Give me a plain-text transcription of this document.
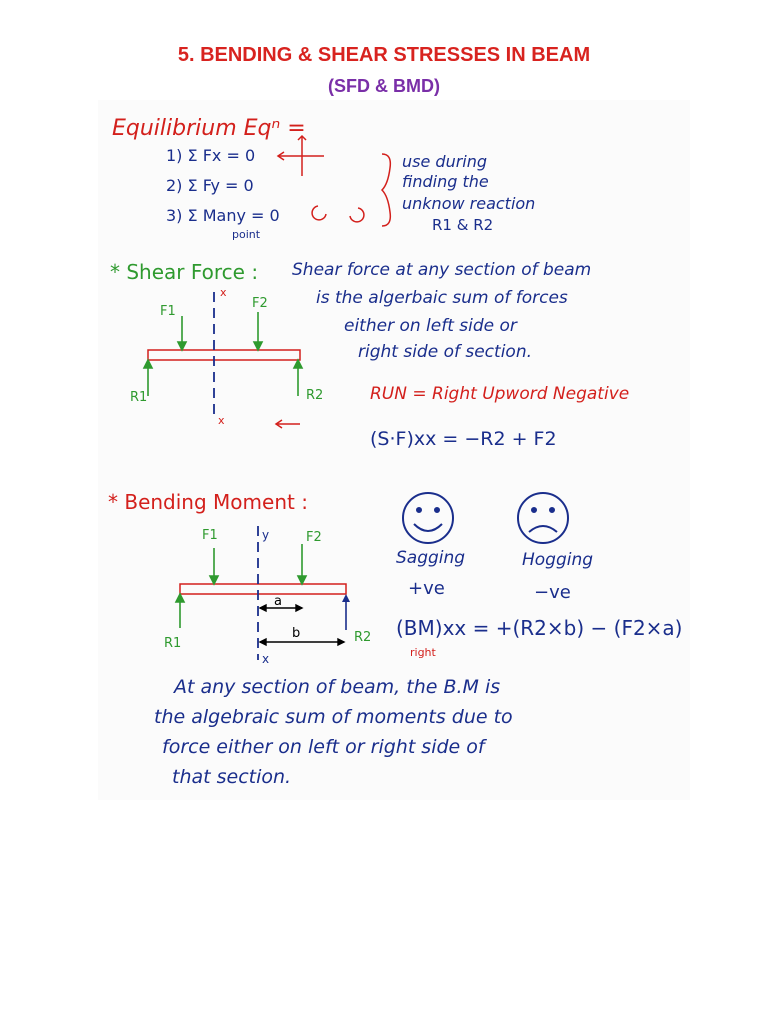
5. BENDING & SHEAR STRESSES IN BEAM
(SFD & BMD)
Equilibrium Eqⁿ =
1) Σ Fx = 0
2) Σ Fy = 0
3) Σ Many = 0
point
use during
finding the
unknow reaction
R1 & R2
* Shear Force : Shear force at any section of beam
is the algerbaic sum of forces
either on left side or
right side of section.
RUN = Right Upword Negative
(S·F)xx = −R2 + F2
F1
F2
R1	R2
x
x
* Bending Moment :
Sagging
+ve
Hogging
−ve
(BM)xx = +(R2×b) − (F2×a)
right
F1	F2
R1	R2
y
x
a
b
At any section of beam, the B.M is
the algebraic sum of moments due to
force either on left or right side of
that section.
